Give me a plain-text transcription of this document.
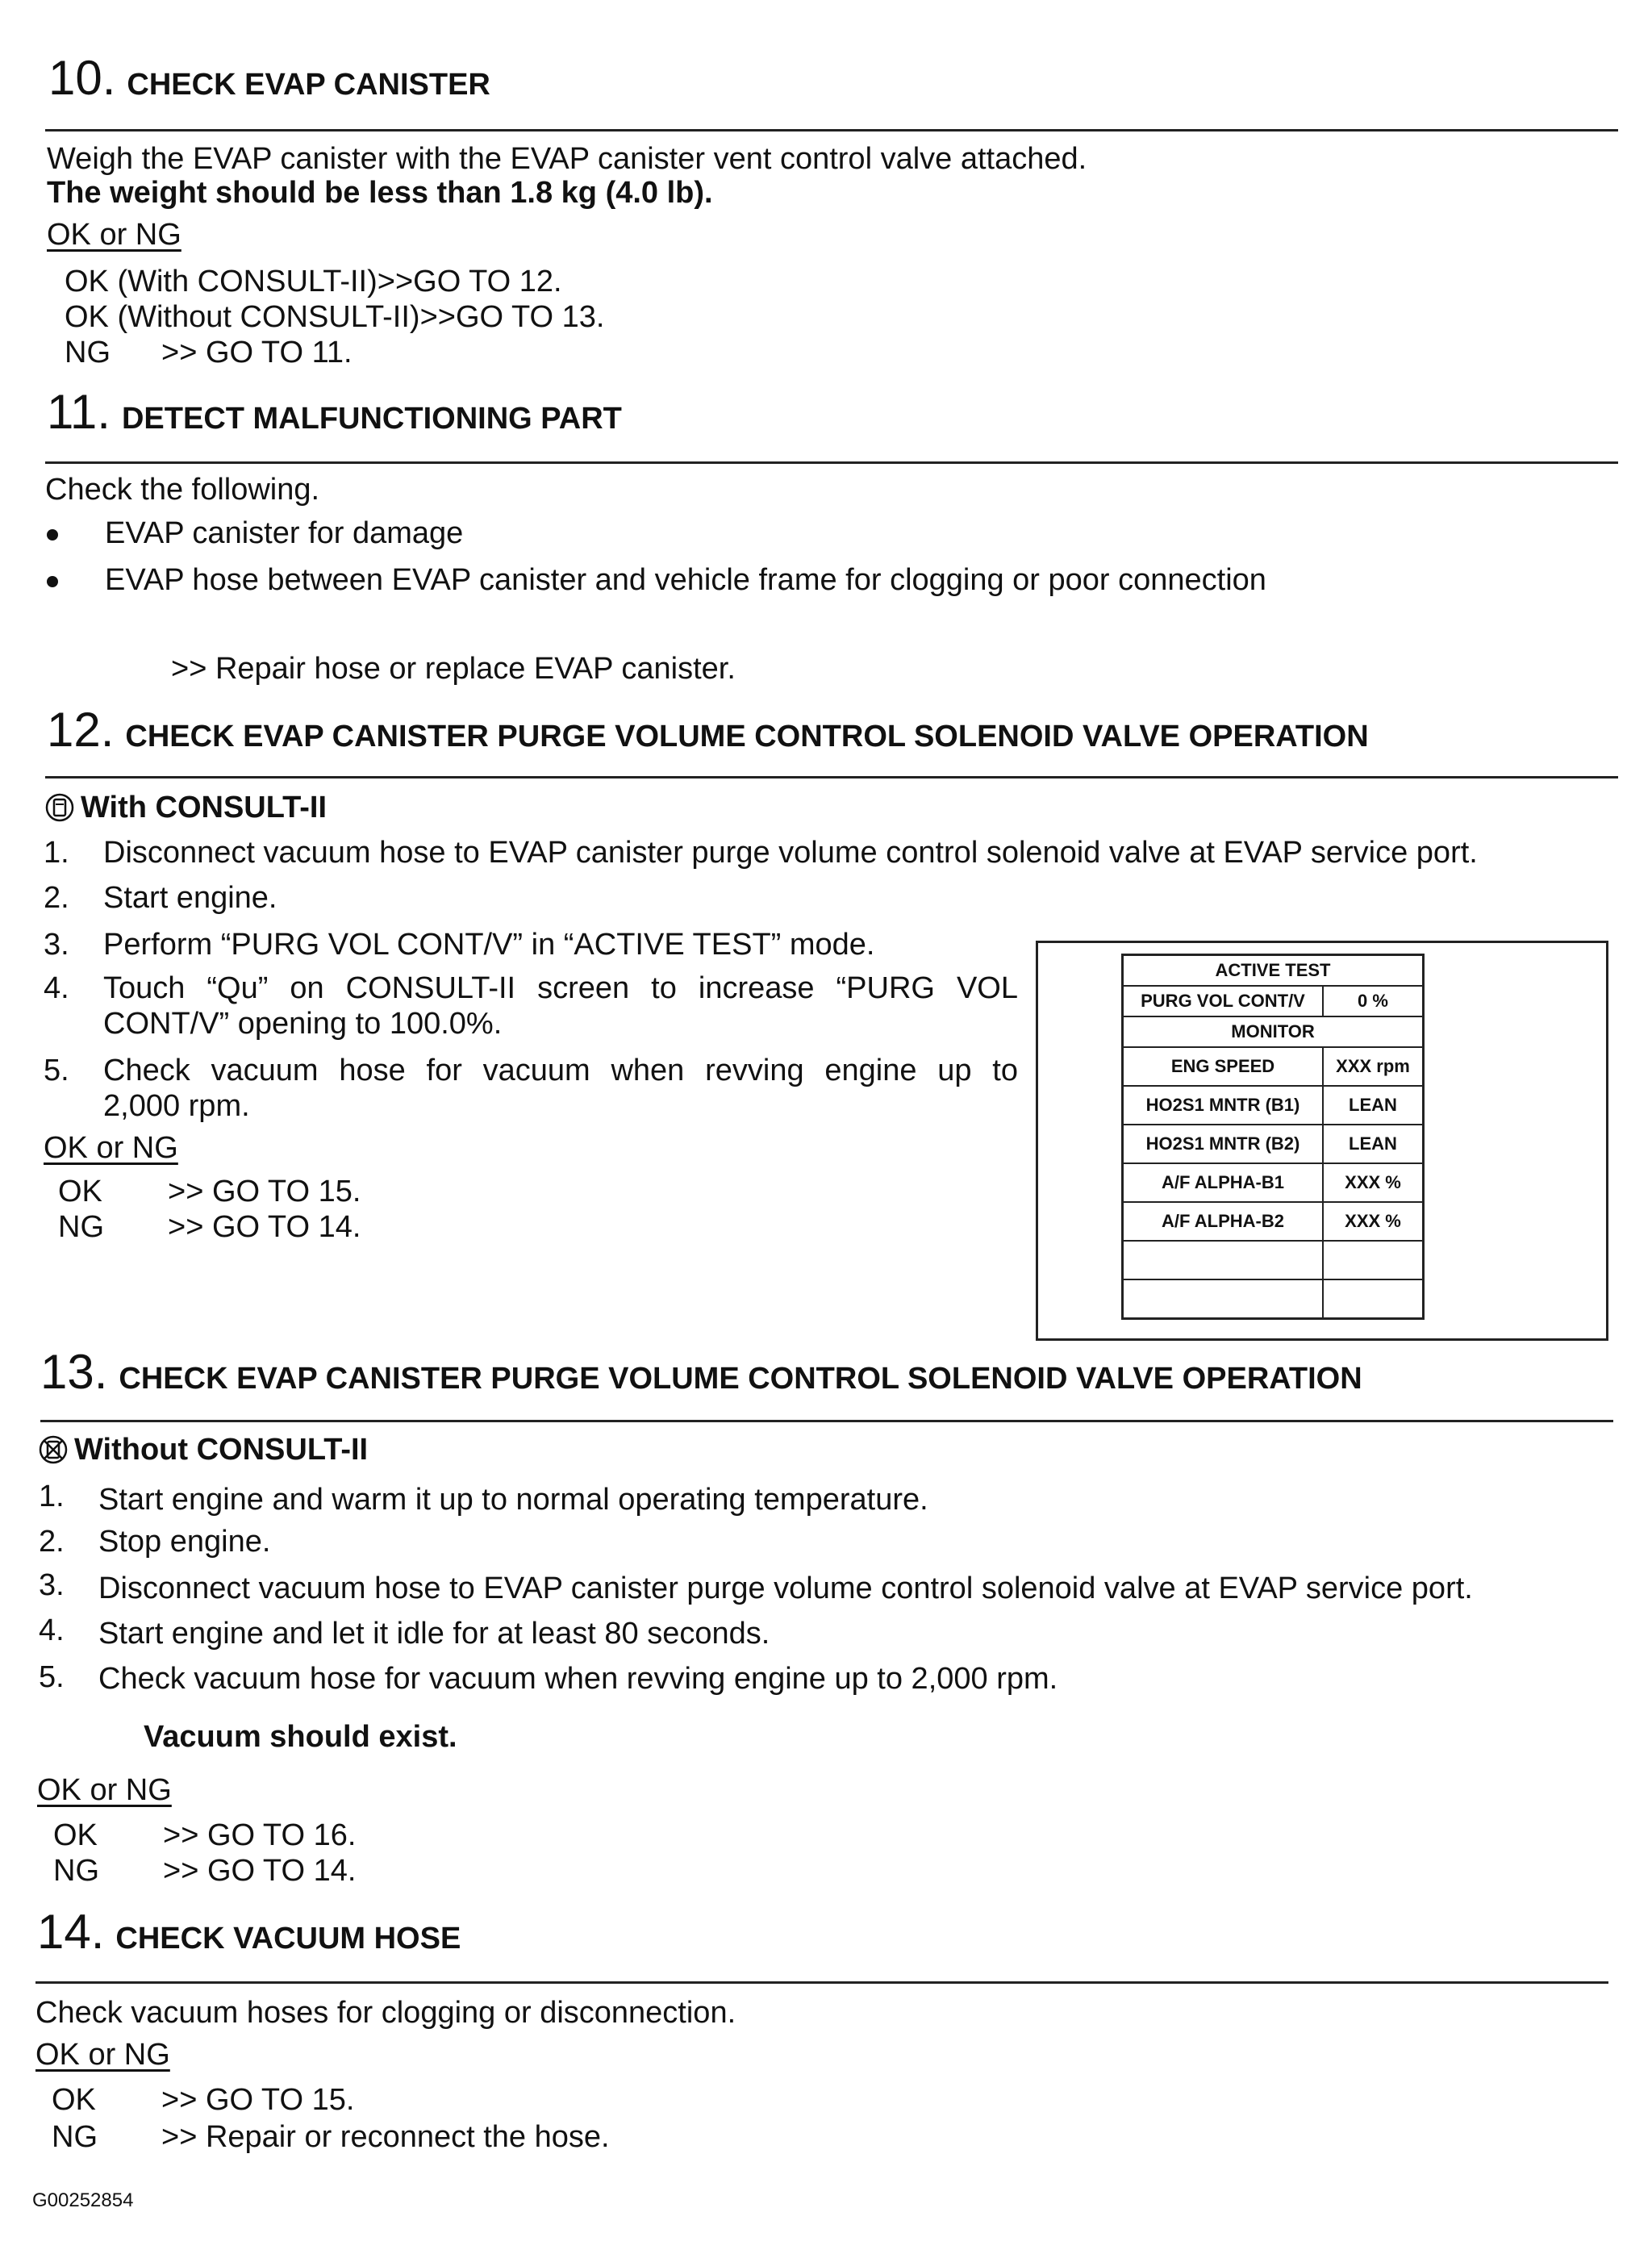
10. CHECK EVAP CANISTER
Weigh the EVAP canister with the EVAP canister vent control valve attached.
The weight should be less than 1.8 kg (4.0 lb).
OK or NG
OK (With CONSULT-II)>>GO TO 12.
OK (Without CONSULT-II)>>GO TO 13.
NG >> GO TO 11.
11. DETECT MALFUNCTIONING PART
Check the following.
EVAP canister for damage
EVAP hose between EVAP canister and vehicle frame for clogging or poor connection
>> Repair hose or replace EVAP canister.
12. CHECK EVAP CANISTER PURGE VOLUME CONTROL SOLENOID VALVE OPERATION
With CONSULT-II
1. Disconnect vacuum hose to EVAP canister purge volume control solenoid valve at EVAP service port.
2. Start engine.
3. Perform “PURG VOL CONT/V” in “ACTIVE TEST” mode.
4. Touch “Qu” on CONSULT-II screen to increase “PURG VOL
CONT/V” opening to 100.0%.
5. Check vacuum hose for vacuum when revving engine up to
2,000 rpm.
OK or NG
OK >> GO TO 15.
NG >> GO TO 14.
ACTIVE TEST	
PURG VOL CONT/V	0 %
MONITOR	
ENG SPEED	XXX rpm
HO2S1 MNTR (B1)	LEAN
HO2S1 MNTR (B2)	LEAN
A/F ALPHA-B1	XXX %
A/F ALPHA-B2	XXX %

13. CHECK EVAP CANISTER PURGE VOLUME CONTROL SOLENOID VALVE OPERATION
Without CONSULT-II
1. Start engine and warm it up to normal operating temperature.
2. Stop engine.
3. Disconnect vacuum hose to EVAP canister purge volume control solenoid valve at EVAP service port.
4. Start engine and let it idle for at least 80 seconds.
5. Check vacuum hose for vacuum when revving engine up to 2,000 rpm.
Vacuum should exist.
OK or NG
OK >> GO TO 16.
NG >> GO TO 14.
14. CHECK VACUUM HOSE
Check vacuum hoses for clogging or disconnection.
OK or NG
OK >> GO TO 15.
NG >> Repair or reconnect the hose.
G00252854
